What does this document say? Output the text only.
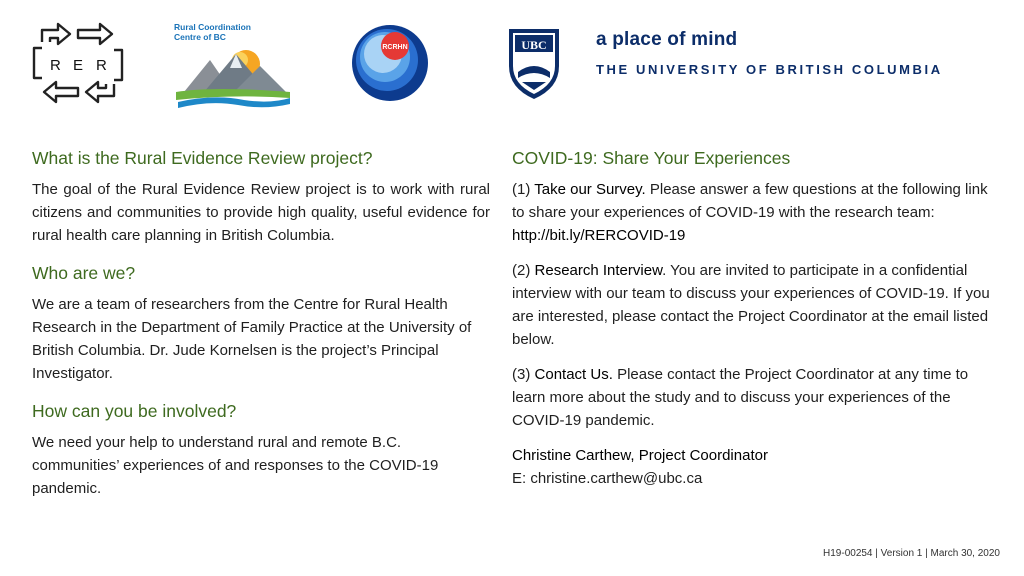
R E R
Rural Coordination Centre of BC
RCRHN	UBC	a place of mind
THE UNIVERSITY OF BRITISH COLUMBIA
What is the Rural Evidence Review project?

The goal of the Rural Evidence Review project is to work with rural citizens and communities to provide high quality, useful evidence for rural health care planning in British Columbia.

Who are we?

We are a team of researchers from the Centre for Rural Health Research in the Department of Family Practice at the University of British Columbia. Dr. Jude Kornelsen is the project’s Principal Investigator.

How can you be involved?

We need your help to understand rural and remote B.C. communities’ experiences of and responses to the COVID-19 pandemic.

COVID-19: Share Your Experiences

(1) Take our Survey. Please answer a few questions at the following link to share your experiences of COVID-19 with the research team: http://bit.ly/RERCOVID-19

(2) Research Interview. You are invited to participate in a confidential interview with our team to discuss your experiences of COVID-19. If you are interested, please contact the Project Coordinator at the email listed below.

(3) Contact Us. Please contact the Project Coordinator at any time to learn more about the study and to discuss your experiences of the COVID-19 pandemic.

Christine Carthew, Project Coordinator

E: christine.carthew@ubc.ca

H19-00254 | Version 1 | March 30, 2020
